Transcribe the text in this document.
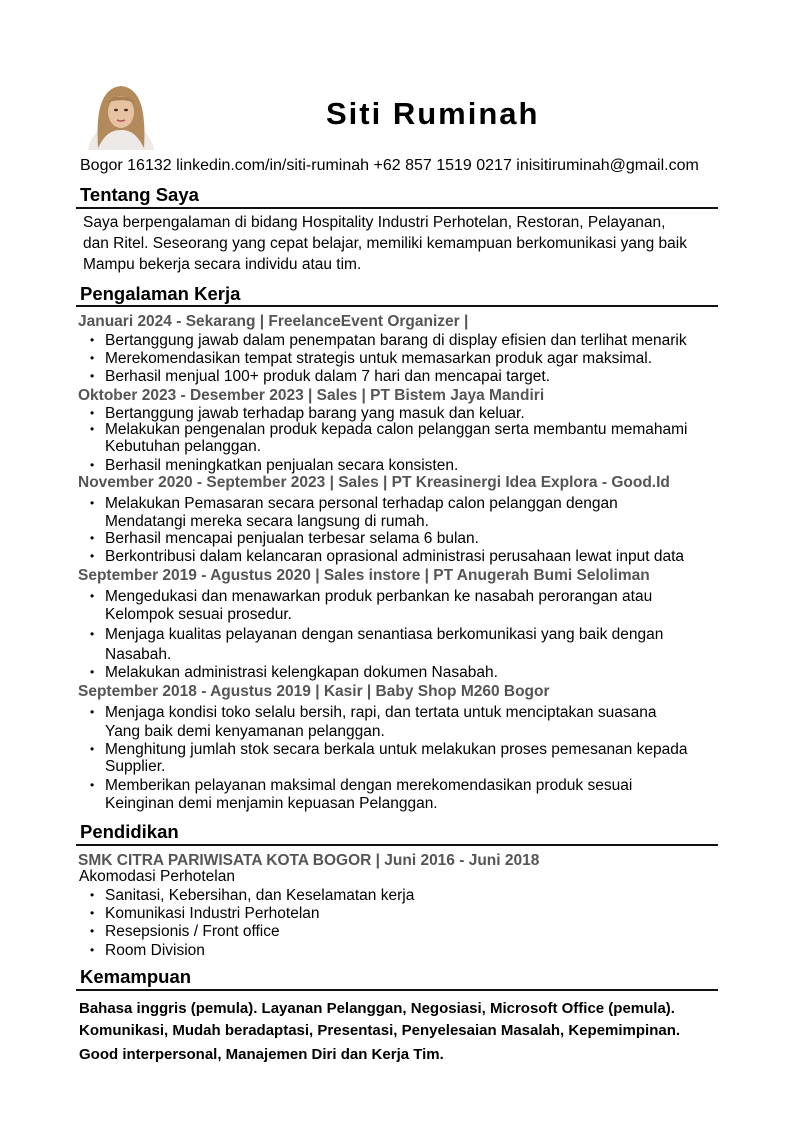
Siti Ruminah
Bogor 16132 linkedin.com/in/siti-ruminah +62 857 1519 0217 inisitiruminah@gmail.com
Tentang Saya
Saya berpengalaman di bidang Hospitality Industri Perhotelan, Restoran, Pelayanan,
dan Ritel. Seseorang yang cepat belajar, memiliki kemampuan berkomunikasi yang baik
Mampu bekerja secara individu atau tim.
Pengalaman Kerja
Januari 2024 - Sekarang | FreelanceEvent Organizer |
• Bertanggung jawab dalam penempatan barang di display efisien dan terlihat menarik
• Merekomendasikan tempat strategis untuk memasarkan produk agar maksimal.
• Berhasil menjual 100+ produk dalam 7 hari dan mencapai target.
Oktober 2023 - Desember 2023 | Sales | PT Bistem Jaya Mandiri
• Bertanggung jawab terhadap barang yang masuk dan keluar.
• Melakukan pengenalan produk kepada calon pelanggan serta membantu memahami
Kebutuhan pelanggan.
• Berhasil meningkatkan penjualan secara konsisten.
November 2020 - September 2023 | Sales | PT Kreasinergi Idea Explora - Good.Id
• Melakukan Pemasaran secara personal terhadap calon pelanggan dengan
Mendatangi mereka secara langsung di rumah.
• Berhasil mencapai penjualan terbesar selama 6 bulan.
• Berkontribusi dalam kelancaran oprasional administrasi perusahaan lewat input data
September 2019 - Agustus 2020 | Sales instore | PT Anugerah Bumi Seloliman
• Mengedukasi dan menawarkan produk perbankan ke nasabah perorangan atau
Kelompok sesuai prosedur.
• Menjaga kualitas pelayanan dengan senantiasa berkomunikasi yang baik dengan
Nasabah.
• Melakukan administrasi kelengkapan dokumen Nasabah.
September 2018 - Agustus 2019 | Kasir | Baby Shop M260 Bogor
• Menjaga kondisi toko selalu bersih, rapi, dan tertata untuk menciptakan suasana
Yang baik demi kenyamanan pelanggan.
• Menghitung jumlah stok secara berkala untuk melakukan proses pemesanan kepada
Supplier.
• Memberikan pelayanan maksimal dengan merekomendasikan produk sesuai
Keinginan demi menjamin kepuasan Pelanggan.
Pendidikan
SMK CITRA PARIWISATA KOTA BOGOR | Juni 2016 - Juni 2018
Akomodasi Perhotelan
• Sanitasi, Kebersihan, dan Keselamatan kerja
• Komunikasi Industri Perhotelan
• Resepsionis / Front office
• Room Division
Kemampuan
Bahasa inggris (pemula). Layanan Pelanggan, Negosiasi, Microsoft Office (pemula).
Komunikasi, Mudah beradaptasi, Presentasi, Penyelesaian Masalah, Kepemimpinan.
Good interpersonal, Manajemen Diri dan Kerja Tim.
